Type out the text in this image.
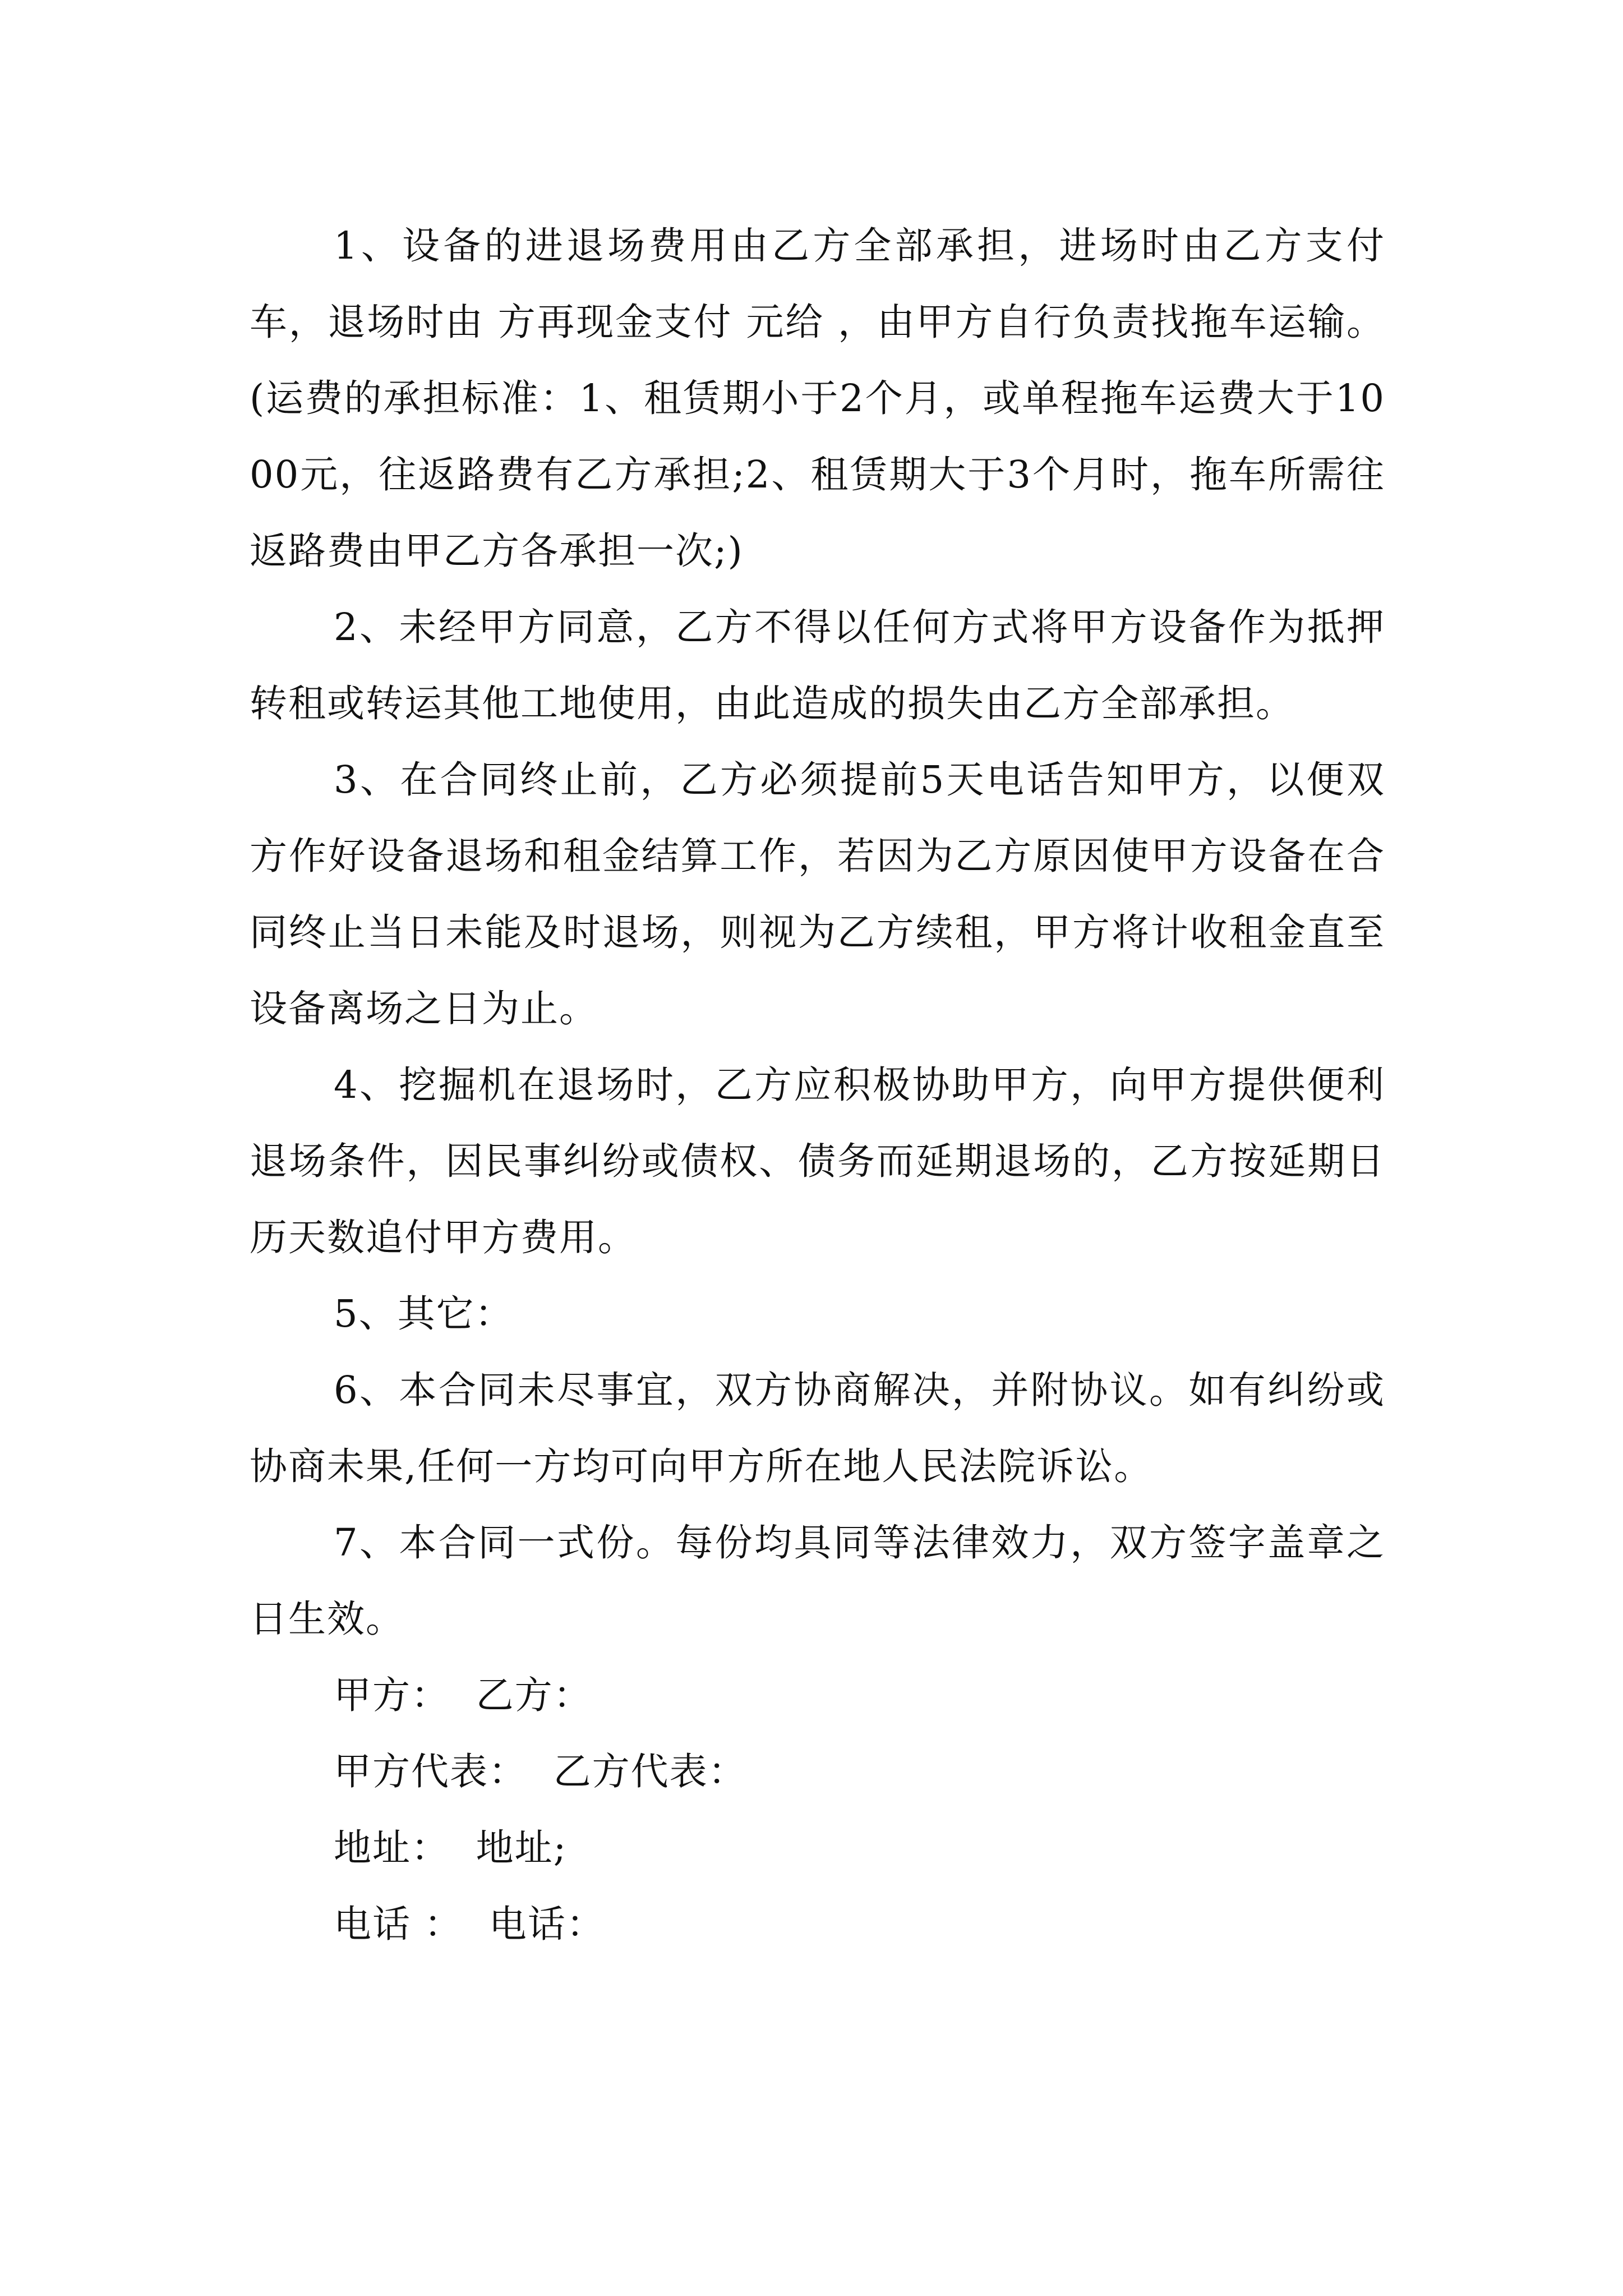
1、设备的进退场费用由乙方全部承担，进场时由乙方支付车，退场时由 方再现金支付 元给 ，由甲方自行负责找拖车运输。(运费的承担标准：1、租赁期小于2个月，或单程拖车运费大于1000元，往返路费有乙方承担;2、租赁期大于3个月时，拖车所需往返路费由甲乙方各承担一次;)

2、未经甲方同意，乙方不得以任何方式将甲方设备作为抵押转租或转运其他工地使用，由此造成的损失由乙方全部承担。

3、在合同终止前，乙方必须提前5天电话告知甲方，以便双方作好设备退场和租金结算工作，若因为乙方原因使甲方设备在合同终止当日未能及时退场，则视为乙方续租，甲方将计收租金直至设备离场之日为止。

4、挖掘机在退场时，乙方应积极协助甲方，向甲方提供便利退场条件，因民事纠纷或债权、债务而延期退场的，乙方按延期日历天数追付甲方费用。

5、其它：

6、本合同未尽事宜，双方协商解决，并附协议。如有纠纷或协商未果,任何一方均可向甲方所在地人民法院诉讼。

7、本合同一式份。每份均具同等法律效力，双方签字盖章之日生效。

甲方：  乙方：

甲方代表：  乙方代表：

地址：  地址;

电话 ：  电话：
